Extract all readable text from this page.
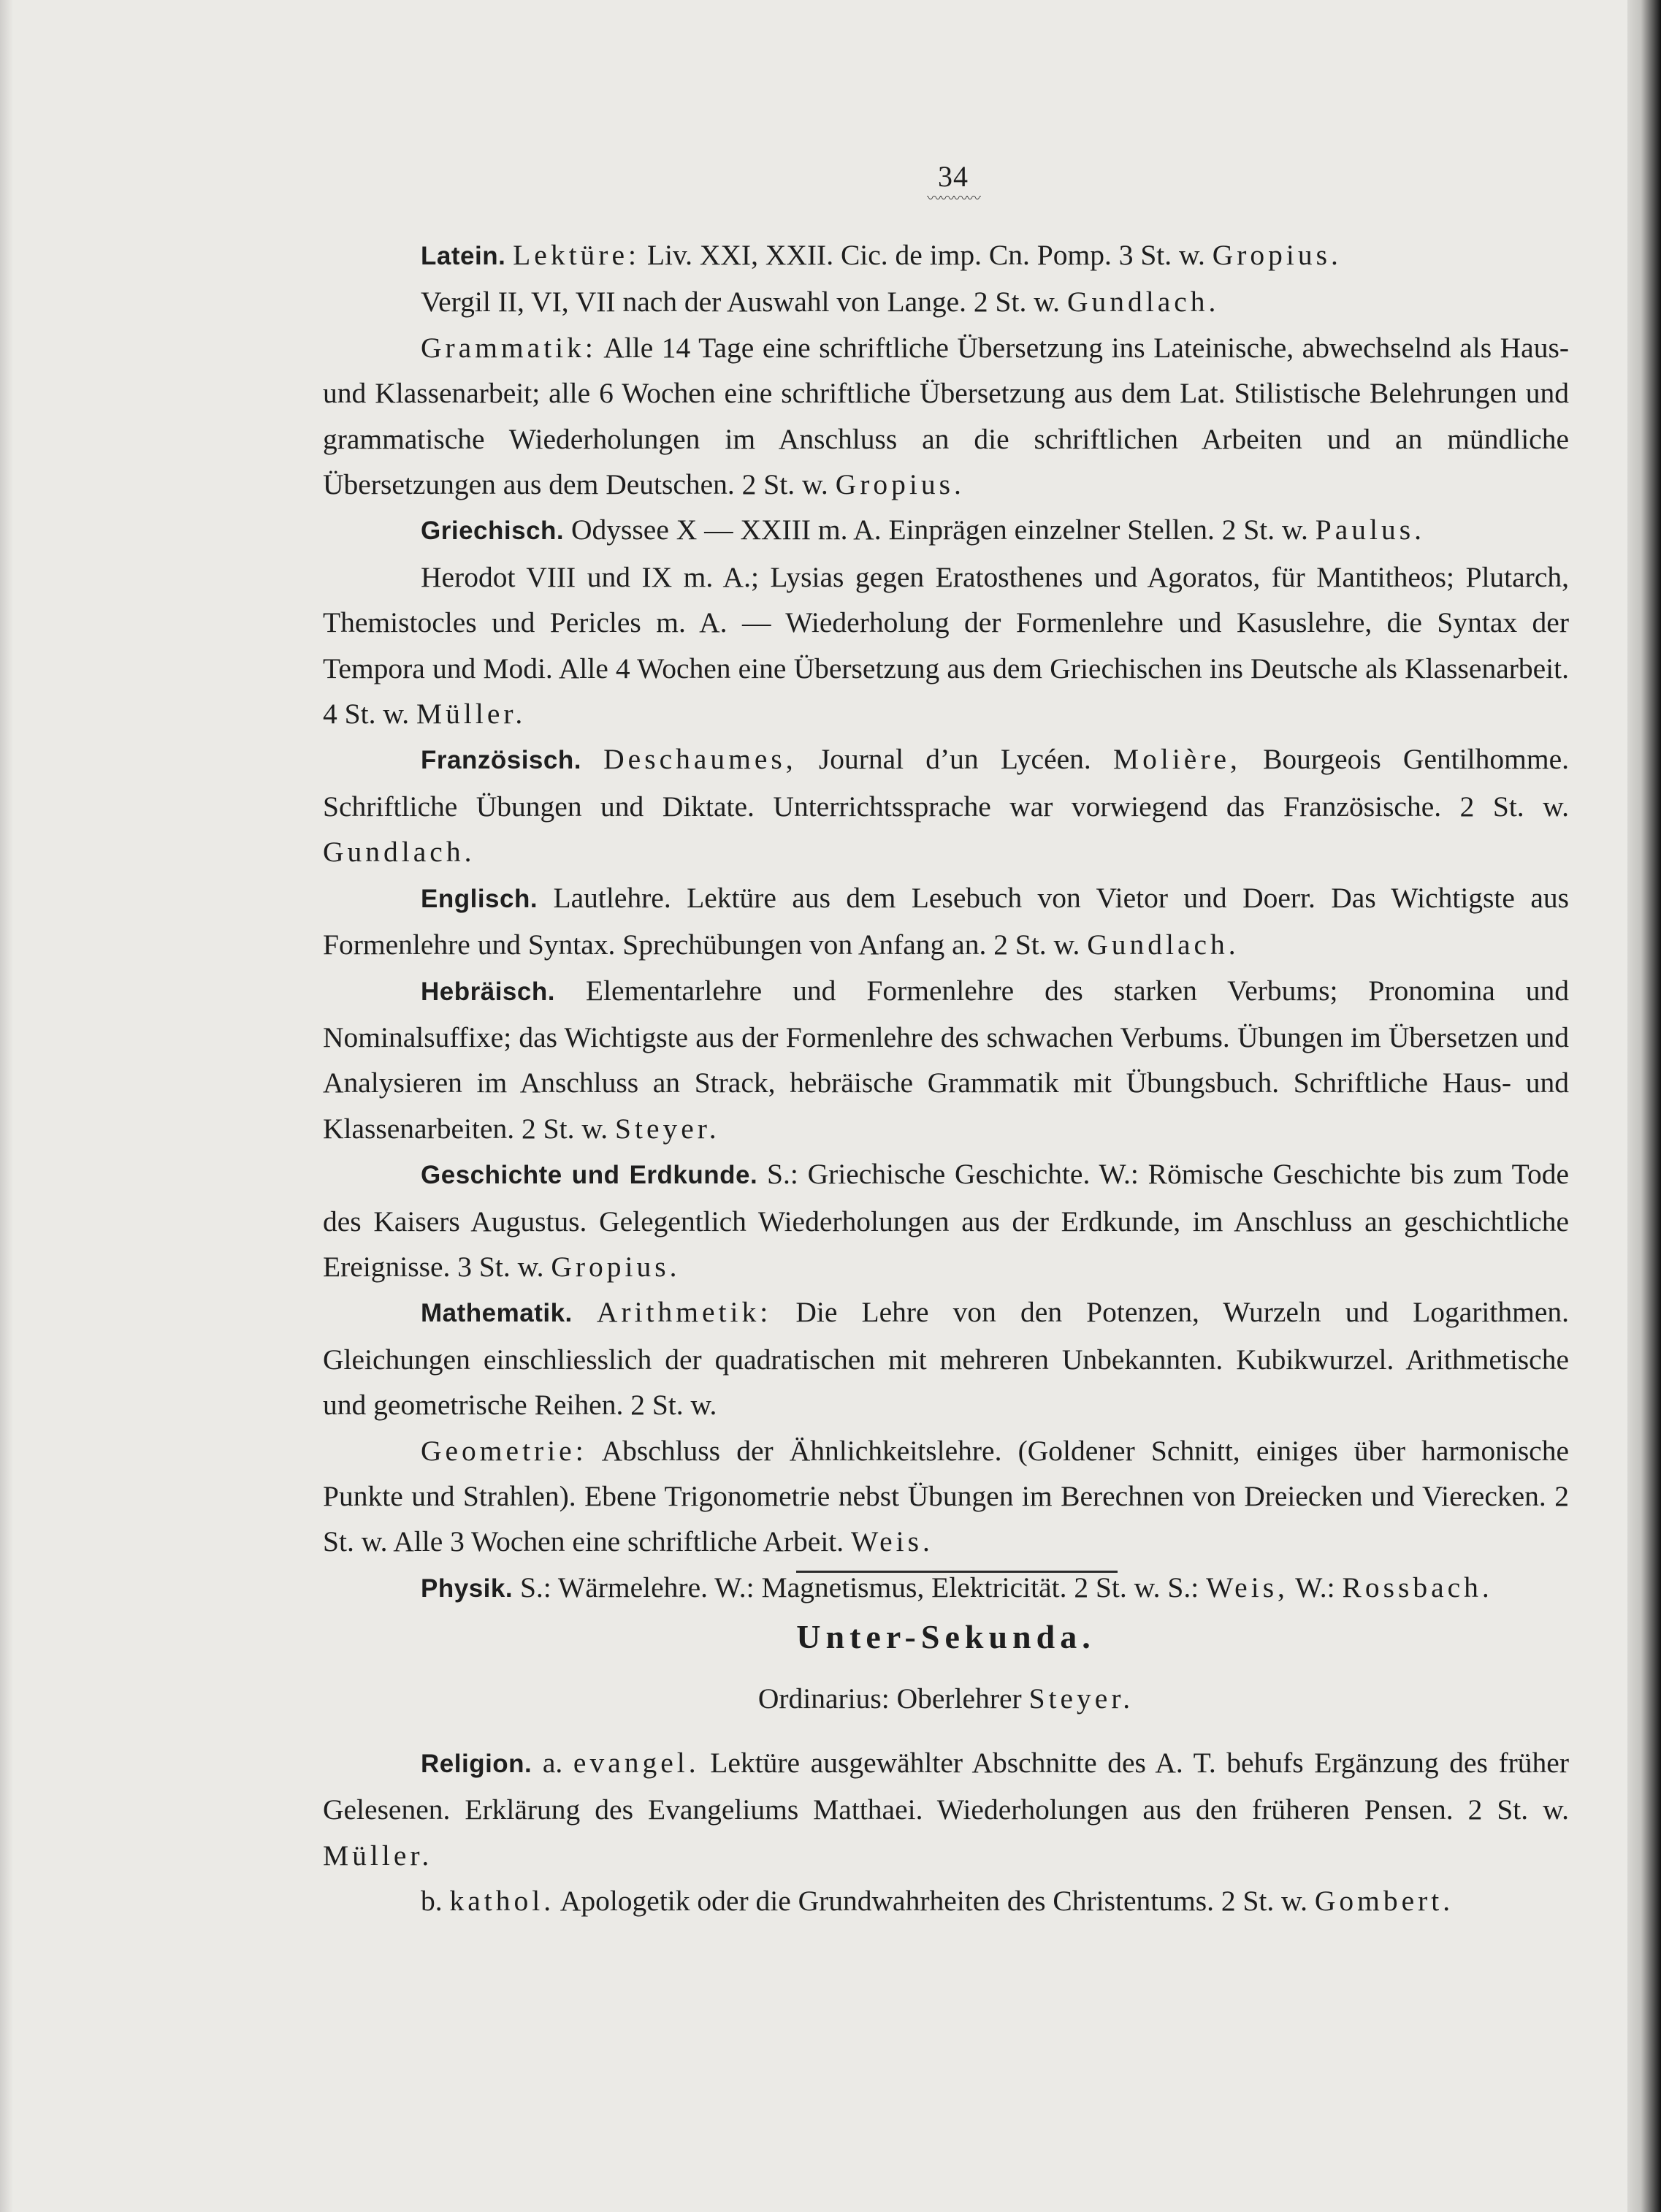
34
〰〰〰〰

Latein. Lektüre: Liv. XXI, XXII. Cic. de imp. Cn. Pomp. 3 St. w. Gropius.

Vergil II, VI, VII nach der Auswahl von Lange. 2 St. w. Gundlach.

Grammatik: Alle 14 Tage eine schriftliche Übersetzung ins Lateinische, abwechselnd als Haus- und Klassenarbeit; alle 6 Wochen eine schriftliche Übersetzung aus dem Lat. Stilistische Belehrungen und grammatische Wiederholungen im Anschluss an die schriftlichen Arbeiten und an mündliche Übersetzungen aus dem Deutschen. 2 St. w. Gropius.

Griechisch. Odyssee X — XXIII m. A. Einprägen einzelner Stellen. 2 St. w. Paulus.

Herodot VIII und IX m. A.; Lysias gegen Eratosthenes und Agoratos, für Mantitheos; Plutarch, Themistocles und Pericles m. A. — Wiederholung der Formenlehre und Kasuslehre, die Syntax der Tempora und Modi. Alle 4 Wochen eine Übersetzung aus dem Griechischen ins Deutsche als Klassenarbeit. 4 St. w. Müller.

Französisch. Deschaumes, Journal d’un Lycéen. Molière, Bourgeois Gentilhomme. Schriftliche Übungen und Diktate. Unterrichtssprache war vorwiegend das Französische. 2 St. w. Gundlach.

Englisch. Lautlehre. Lektüre aus dem Lesebuch von Vietor und Doerr. Das Wichtigste aus Formenlehre und Syntax. Sprechübungen von Anfang an. 2 St. w. Gundlach.

Hebräisch. Elementarlehre und Formenlehre des starken Verbums; Pronomina und Nominalsuffixe; das Wichtigste aus der Formenlehre des schwachen Verbums. Übungen im Übersetzen und Analysieren im Anschluss an Strack, hebräische Grammatik mit Übungsbuch. Schriftliche Haus- und Klassenarbeiten. 2 St. w. Steyer.

Geschichte und Erdkunde. S.: Griechische Geschichte. W.: Römische Geschichte bis zum Tode des Kaisers Augustus. Gelegentlich Wiederholungen aus der Erdkunde, im Anschluss an geschichtliche Ereignisse. 3 St. w. Gropius.

Mathematik. Arithmetik: Die Lehre von den Potenzen, Wurzeln und Logarithmen. Gleichungen einschliesslich der quadratischen mit mehreren Unbekannten. Kubikwurzel. Arithmetische und geometrische Reihen. 2 St. w.

Geometrie: Abschluss der Ähnlichkeitslehre. (Goldener Schnitt, einiges über harmonische Punkte und Strahlen). Ebene Trigonometrie nebst Übungen im Berechnen von Dreiecken und Vierecken. 2 St. w. Alle 3 Wochen eine schriftliche Arbeit. Weis.

Physik. S.: Wärmelehre. W.: Magnetismus, Elektricität. 2 St. w. S.: Weis, W.: Rossbach.

Unter-Sekunda.
Ordinarius: Oberlehrer Steyer.

Religion. a. evangel. Lektüre ausgewählter Abschnitte des A. T. behufs Ergänzung des früher Gelesenen. Erklärung des Evangeliums Matthaei. Wiederholungen aus den früheren Pensen. 2 St. w. Müller.

b. kathol. Apologetik oder die Grundwahrheiten des Christentums. 2 St. w. Gombert.
